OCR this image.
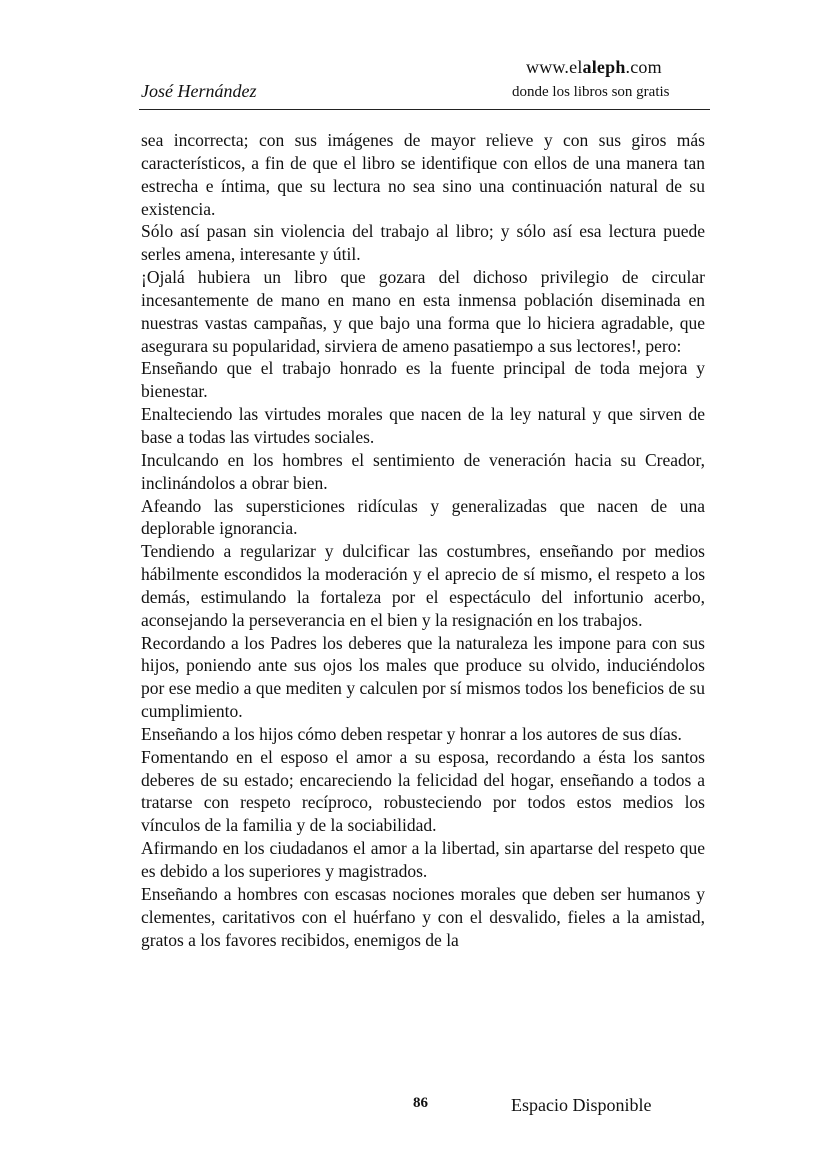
www.elaleph.com
José Hernández	donde los libros son gratis

sea incorrecta; con sus imágenes de mayor relieve y con sus giros más característicos, a fin de que el libro se identifique con ellos de una manera tan estrecha e íntima, que su lectura no sea sino una continuación natural de su existencia.

Sólo así pasan sin violencia del trabajo al libro; y sólo así esa lectura puede serles amena, interesante y útil.

¡Ojalá hubiera un libro que gozara del dichoso privilegio de circular incesantemente de mano en mano en esta inmensa población diseminada en nuestras vastas campañas, y que bajo una forma que lo hiciera agradable, que asegurara su popularidad, sirviera de ameno pasatiempo a sus lectores!, pero:

Enseñando que el trabajo honrado es la fuente principal de toda mejora y bienestar.

Enalteciendo las virtudes morales que nacen de la ley natural y que sirven de base a todas las virtudes sociales.

Inculcando en los hombres el sentimiento de veneración hacia su Creador, inclinándolos a obrar bien.

Afeando las supersticiones ridículas y generalizadas que nacen de una deplorable ignorancia.

Tendiendo a regularizar y dulcificar las costumbres, enseñando por medios hábilmente escondidos la moderación y el aprecio de sí mismo, el respeto a los demás, estimulando la fortaleza por el espectáculo del infortunio acerbo, aconsejando la perseverancia en el bien y la resignación en los trabajos.

Recordando a los Padres los deberes que la naturaleza les impone para con sus hijos, poniendo ante sus ojos los males que produce su olvido, induciéndolos por ese medio a que mediten y calculen por sí mismos todos los beneficios de su cumplimiento.

Enseñando a los hijos cómo deben respetar y honrar a los autores de sus días.

Fomentando en el esposo el amor a su esposa, recordando a ésta los santos deberes de su estado; encareciendo la felicidad del hogar, enseñando a todos a tratarse con respeto recíproco, robusteciendo por todos estos medios los vínculos de la familia y de la sociabilidad.

Afirmando en los ciudadanos el amor a la libertad, sin apartarse del respeto que es debido a los superiores y magistrados.

Enseñando a hombres con escasas nociones morales que deben ser humanos y clementes, caritativos con el huérfano y con el desvalido, fieles a la amistad, gratos a los favores recibidos, enemigos de la

86	Espacio Disponible
